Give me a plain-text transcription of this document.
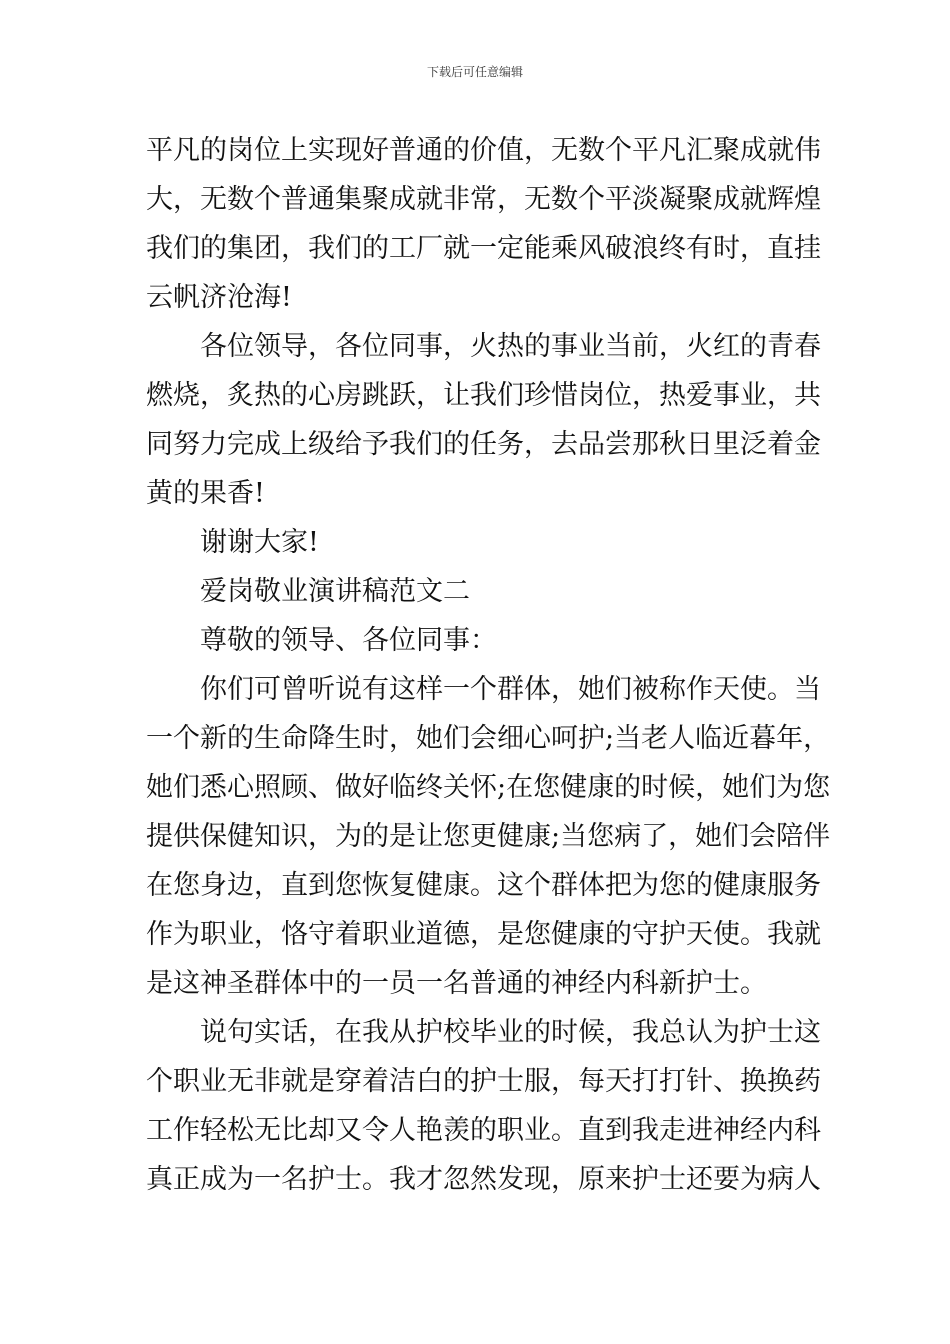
下载后可任意编辑
平凡的岗位上实现好普通的价值，无数个平凡汇聚成就伟
大，无数个普通集聚成就非常，无数个平淡凝聚成就辉煌
我们的集团，我们的工厂就一定能乘风破浪终有时，直挂
云帆济沧海!
各位领导，各位同事，火热的事业当前，火红的青春
燃烧，炙热的心房跳跃，让我们珍惜岗位，热爱事业，共
同努力完成上级给予我们的任务，去品尝那秋日里泛着金
黄的果香!
谢谢大家!
爱岗敬业演讲稿范文二
尊敬的领导、各位同事：
你们可曾听说有这样一个群体，她们被称作天使。当
一个新的生命降生时，她们会细心呵护;当老人临近暮年，
她们悉心照顾、做好临终关怀;在您健康的时候，她们为您
提供保健知识，为的是让您更健康;当您病了，她们会陪伴
在您身边，直到您恢复健康。这个群体把为您的健康服务
作为职业，恪守着职业道德，是您健康的守护天使。我就
是这神圣群体中的一员一名普通的神经内科新护士。
说句实话，在我从护校毕业的时候，我总认为护士这
个职业无非就是穿着洁白的护士服，每天打打针、换换药
工作轻松无比却又令人艳羡的职业。直到我走进神经内科
真正成为一名护士。我才忽然发现，原来护士还要为病人
